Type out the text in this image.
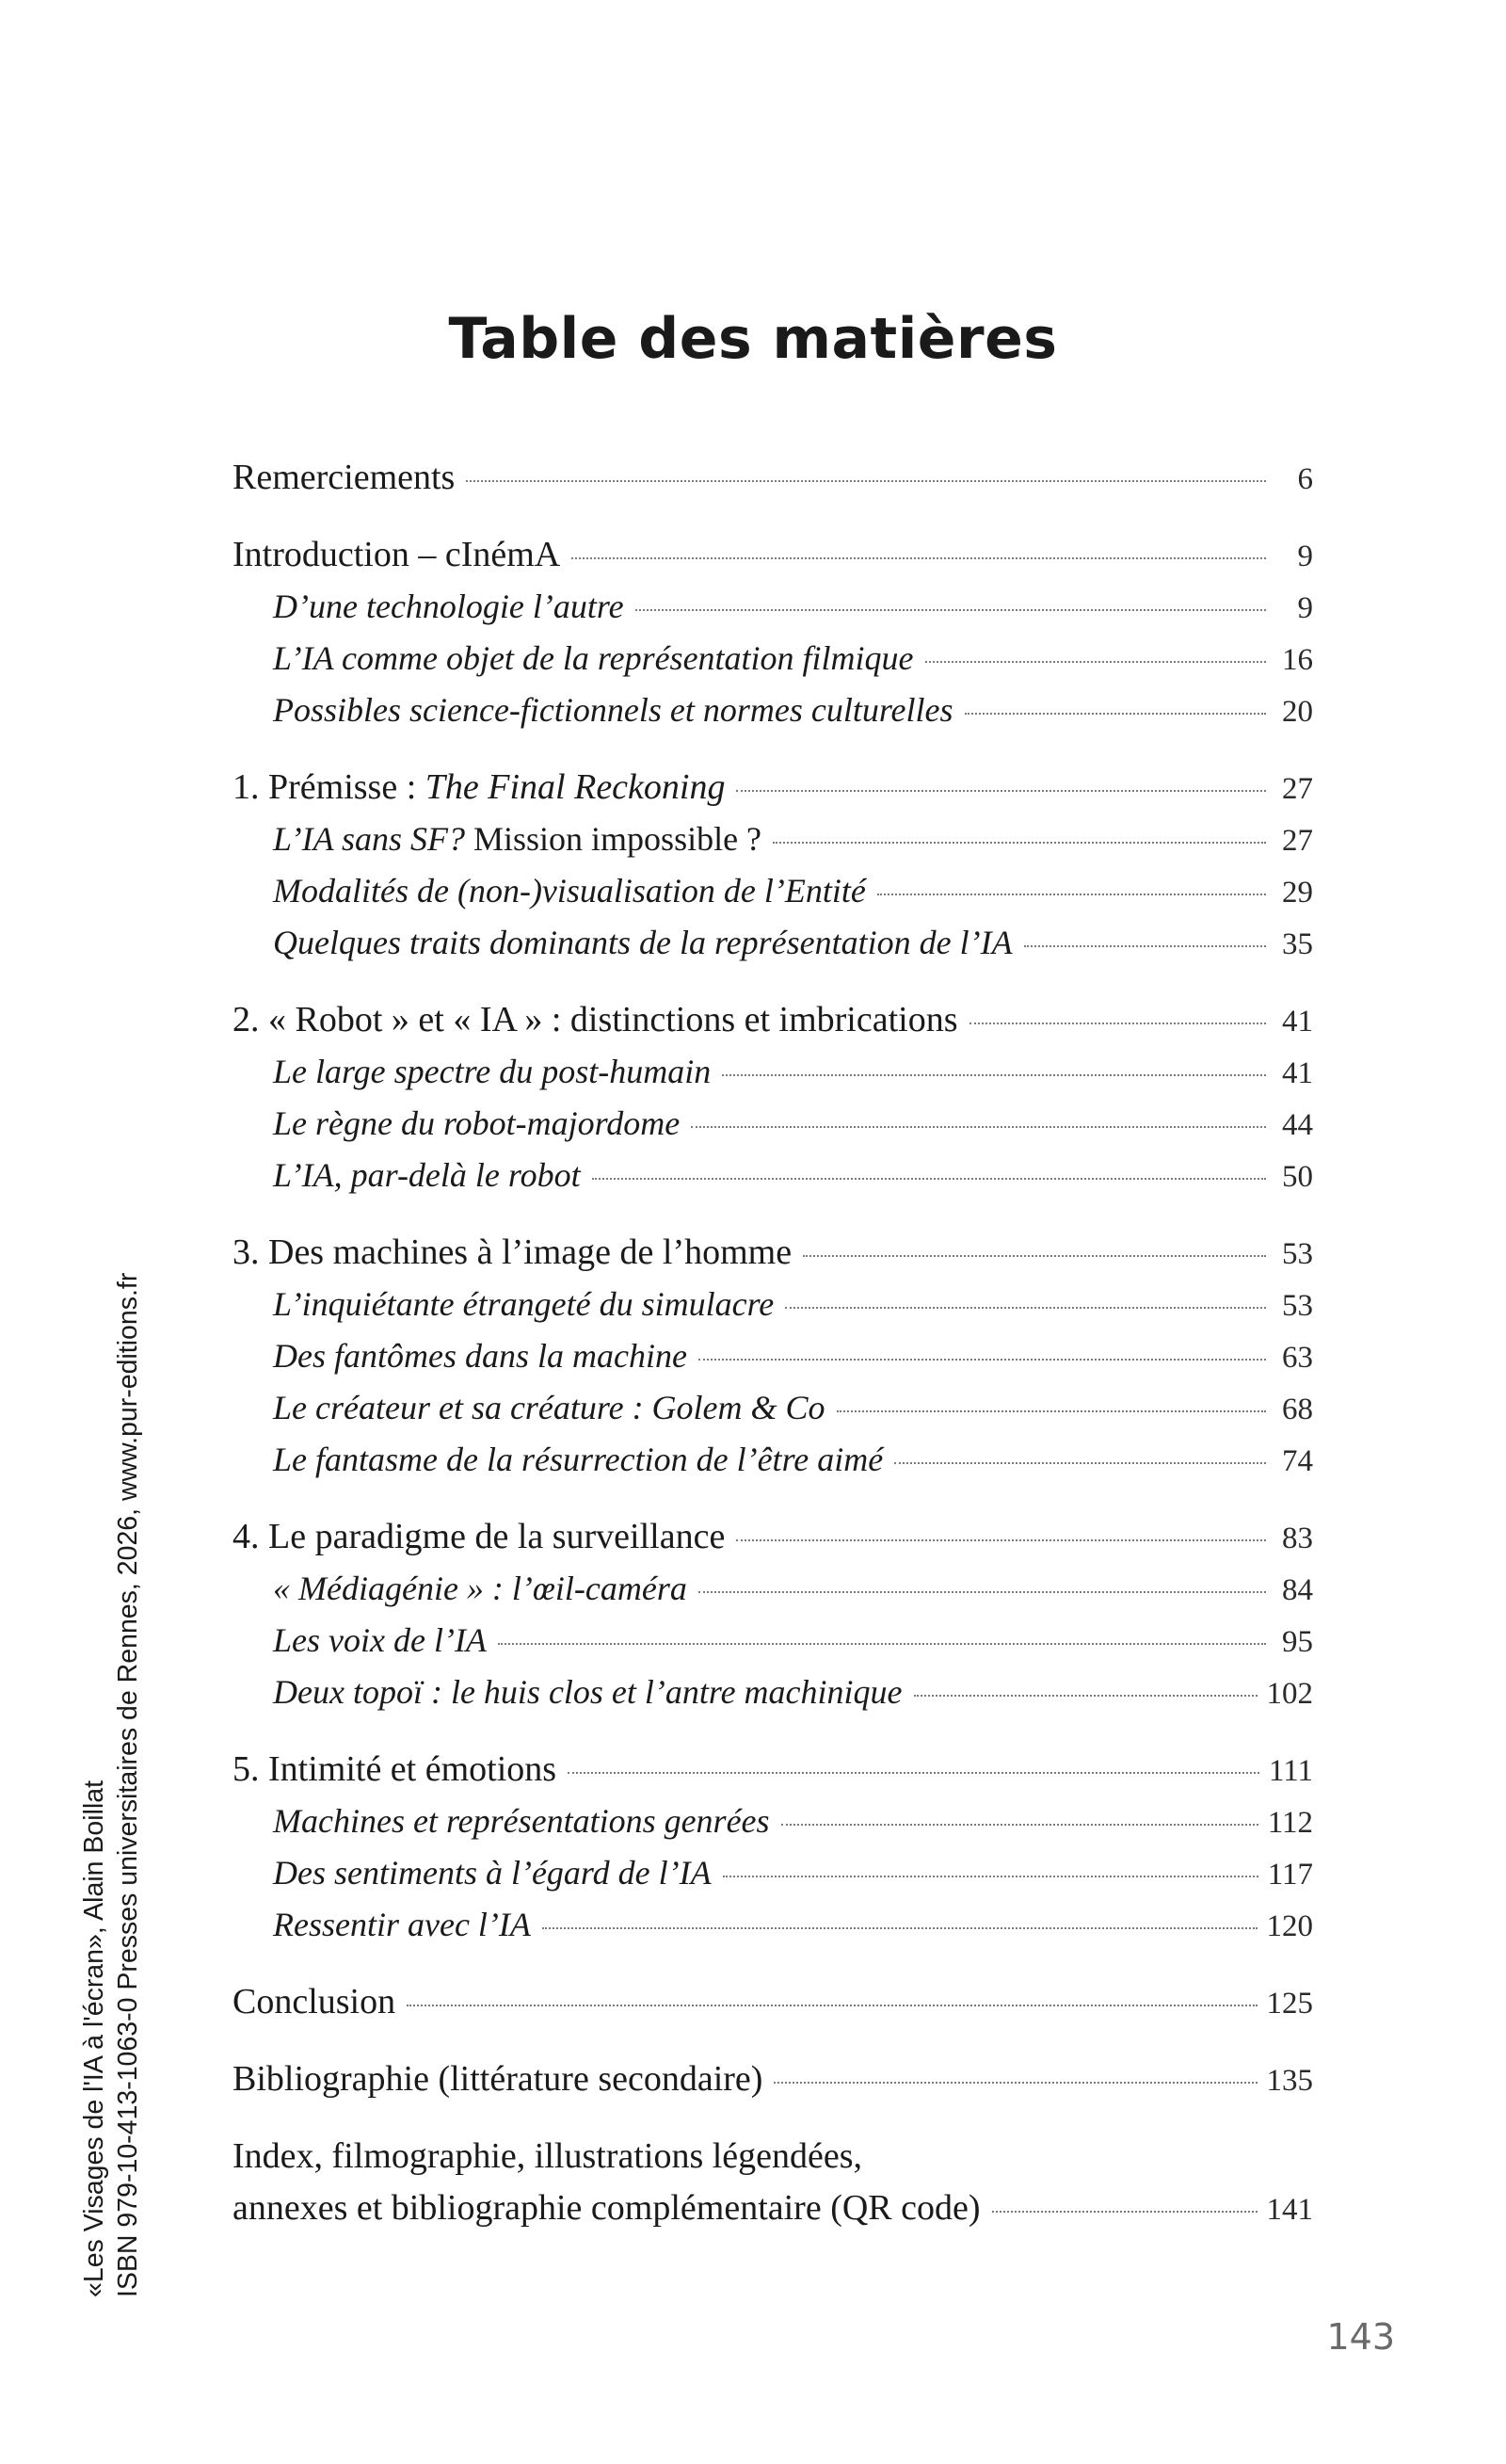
Table des matières
Remerciements	6
Introduction – cInémA	9
D’une technologie l’autre	9
L’IA comme objet de la représentation filmique	16
Possibles science-fictionnels et normes culturelles	20
1. Prémisse : The Final Reckoning	27
L’IA sans SF? Mission impossible ?	27
Modalités de (non-)visualisation de l’Entité	29
Quelques traits dominants de la représentation de l’IA	35
2. « Robot » et « IA » : distinctions et imbrications	41
Le large spectre du post-humain	41
Le règne du robot-majordome	44
L’IA, par-delà le robot	50
3. Des machines à l’image de l’homme	53
L’inquiétante étrangeté du simulacre	53
Des fantômes dans la machine	63
Le créateur et sa créature : Golem & Co	68
Le fantasme de la résurrection de l’être aimé	74
4. Le paradigme de la surveillance	83
« Médiagénie » : l’œil-caméra	84
Les voix de l’IA	95
Deux topoï : le huis clos et l’antre machinique	102
5. Intimité et émotions	111
Machines et représentations genrées	112
Des sentiments à l’égard de l’IA	117
Ressentir avec l’IA	120
Conclusion	125
Bibliographie (littérature secondaire)	135
Index, filmographie, illustrations légendées,
annexes et bibliographie complémentaire (QR code)	141
«Les Visages de l'IA à l'écran», Alain Boillat ISBN 979-10-413-1063-0 Presses universitaires de Rennes, 2026, www.pur-editions.fr
143
